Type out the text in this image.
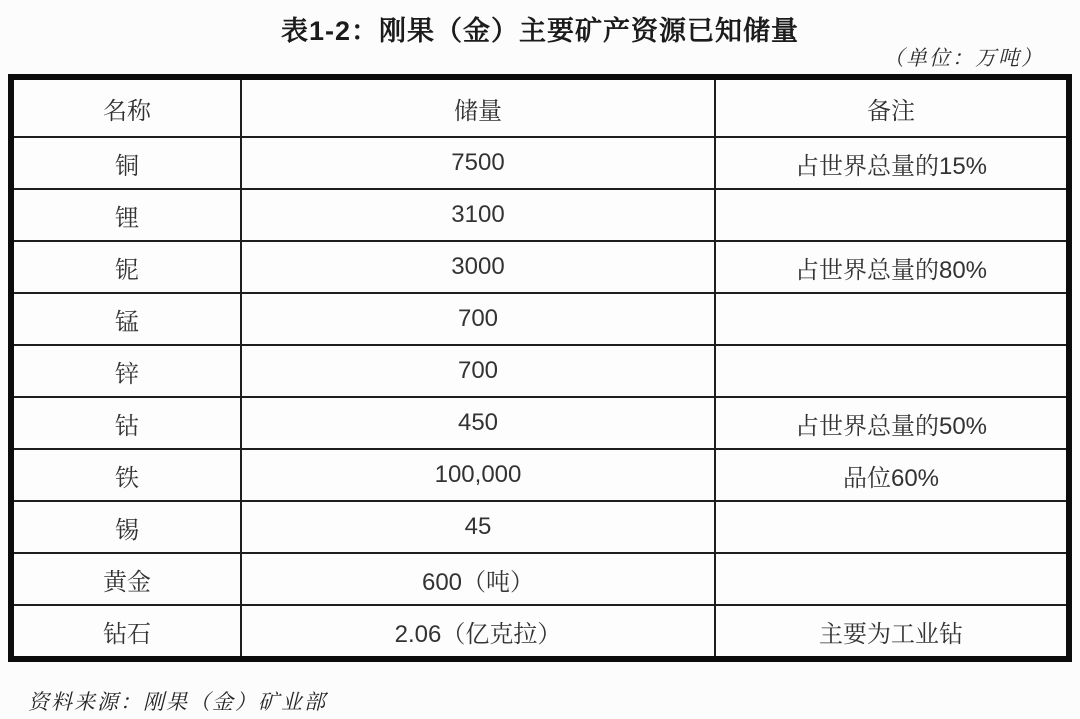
表1-2：刚果（金）主要矿产资源已知储量
（单位：万吨）
名称	储量	备注
铜	7500	占世界总量的15%
锂	3100	
铌	3000	占世界总量的80%
锰	700	
锌	700	
钴	450	占世界总量的50%
铁	100,000	品位60%
锡	45	
黄金	600（吨）	
钻石	2.06（亿克拉）	主要为工业钻
资料来源：刚果（金）矿业部
